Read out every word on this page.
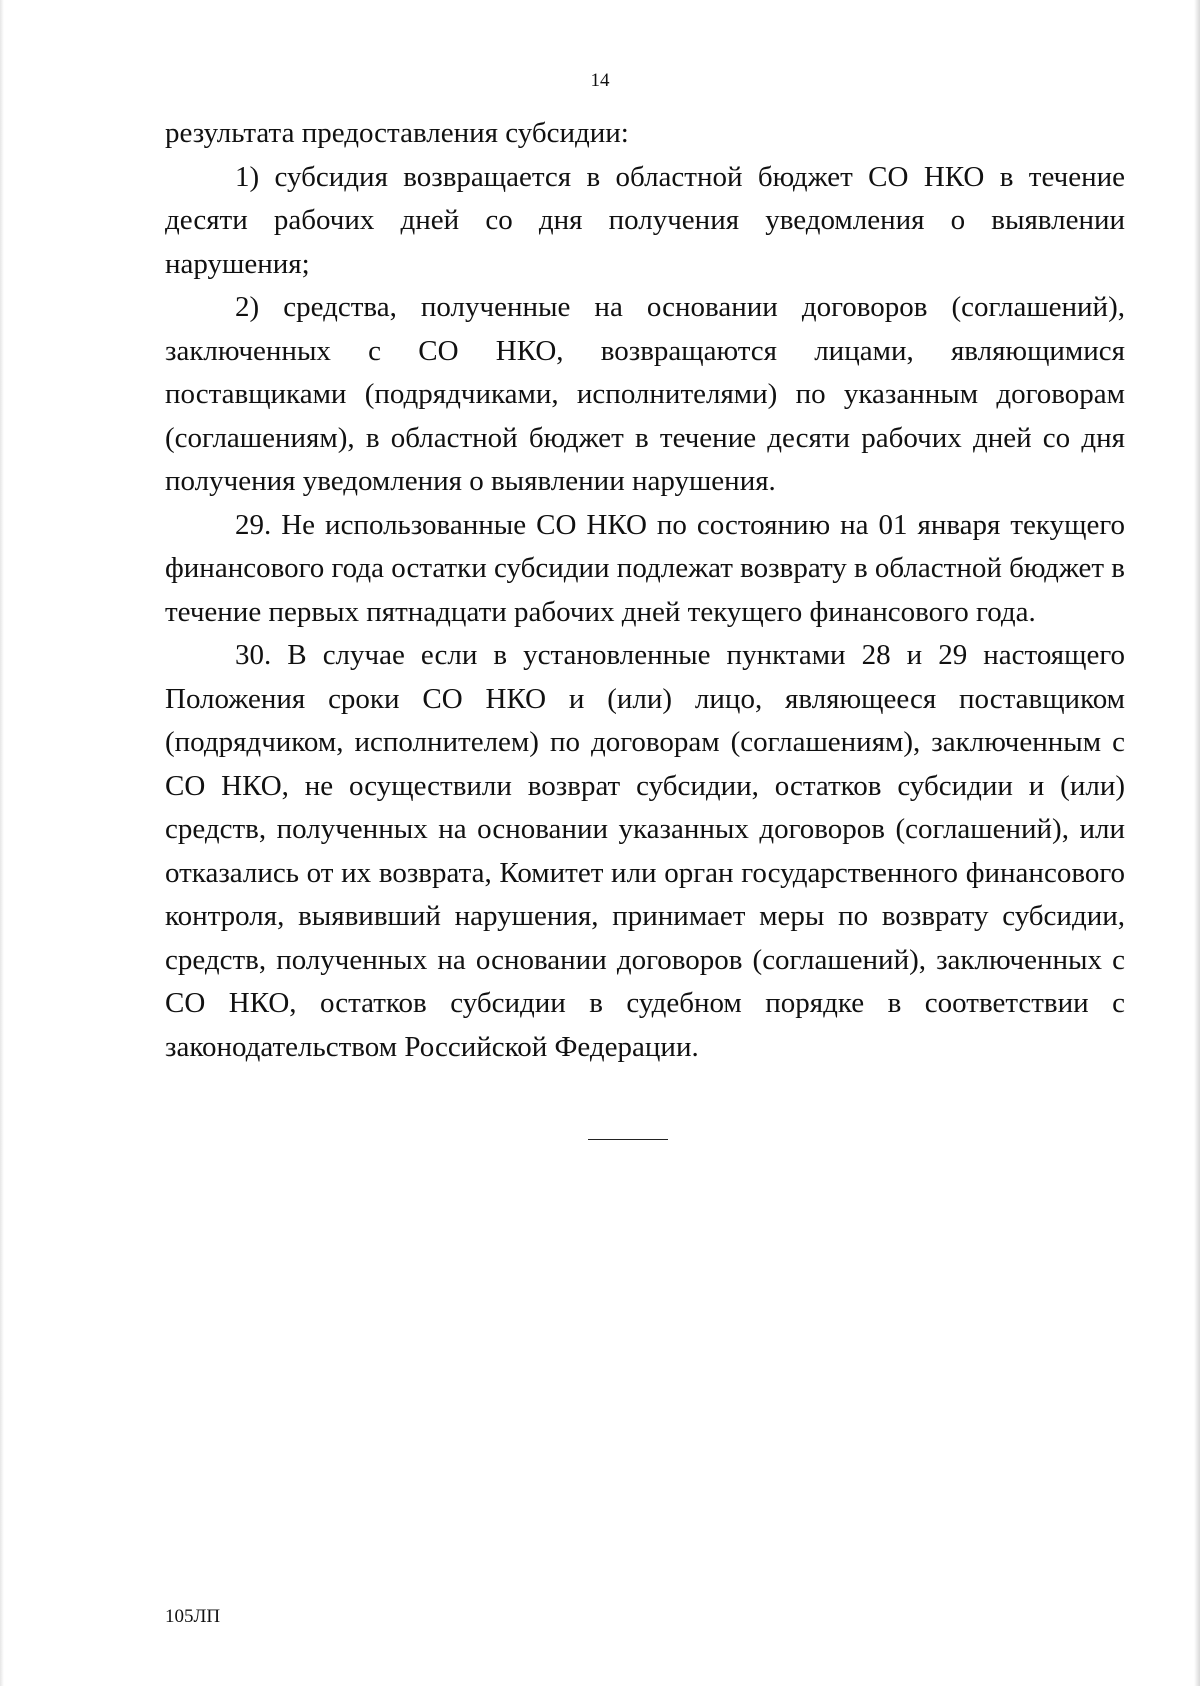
14

результата предоставления субсидии:

1) субсидия возвращается в областной бюджет СО НКО в течение десяти рабочих дней со дня получения уведомления о выявлении нарушения;

2) средства, полученные на основании договоров (соглашений), заключенных с СО НКО, возвращаются лицами, являющимися поставщиками (подрядчиками, исполнителями) по указанным договорам (соглашениям), в областной бюджет в течение десяти рабочих дней со дня получения уведомления о выявлении нарушения.

29. Не использованные СО НКО по состоянию на 01 января текущего финансового года остатки субсидии подлежат возврату в областной бюджет в течение первых пятнадцати рабочих дней текущего финансового года.

30. В случае если в установленные пунктами 28 и 29 настоящего Положения сроки СО НКО и (или) лицо, являющееся поставщиком (подрядчиком, исполнителем) по договорам (соглашениям), заключенным с СО НКО, не осуществили возврат субсидии, остатков субсидии и (или) средств, полученных на основании указанных договоров (соглашений), или отказались от их возврата, Комитет или орган государственного финансового контроля, выявивший нарушения, принимает меры по возврату субсидии, средств, полученных на основании договоров (соглашений), заключенных с СО НКО, остатков субсидии в судебном порядке в соответствии с законодательством Российской Федерации.

105ЛП
